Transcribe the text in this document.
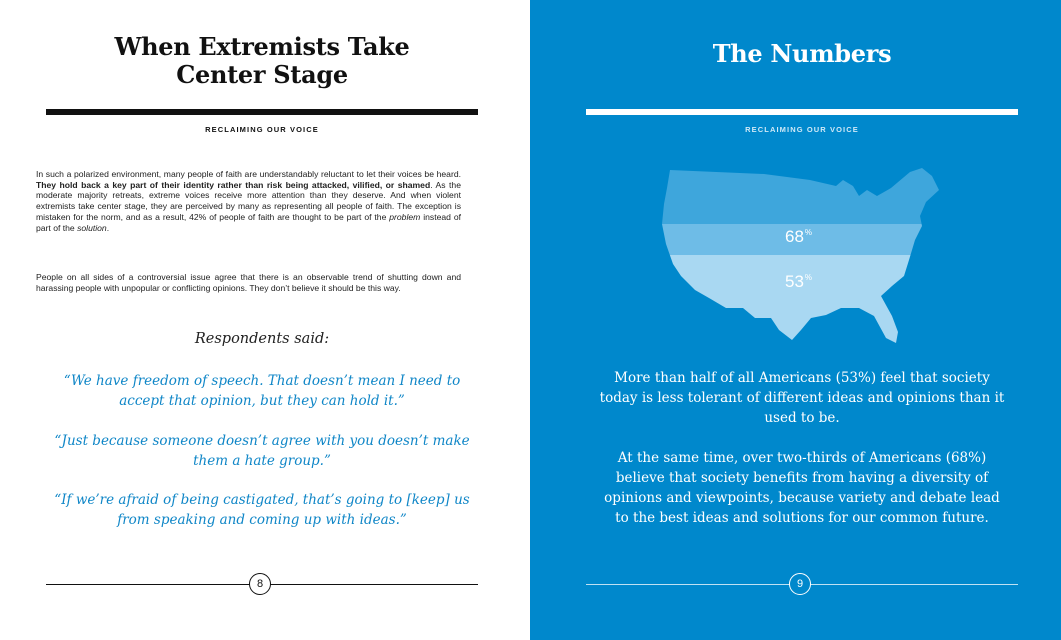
When Extremists Take
Center Stage
RECLAIMING OUR VOICE

In such a polarized environment, many people of faith are understandably reluctant to let their voices be heard. They hold back a key part of their identity rather than risk being attacked, vilified, or shamed. As the moderate majority retreats, extreme voices receive more attention than they deserve. And when violent extremists take center stage, they are perceived by many as representing all people of faith. The exception is mistaken for the norm, and as a result, 42% of people of faith are thought to be part of the problem instead of part of the solution.

People on all sides of a controversial issue agree that there is an observable trend of shutting down and harassing people with unpopular or conflicting opinions. They don’t believe it should be this way.

Respondents said:

“We have freedom of speech. That doesn’t mean I need to accept that opinion, but they can hold it.”

“Just because someone doesn’t agree with you doesn’t make them a hate group.”

“If we’re afraid of being castigated, that’s going to [keep] us from speaking and coming up with ideas.”

8
The Numbers
RECLAIMING OUR VOICE
68%
53%

More than half of all Americans (53%) feel that society today is less tolerant of different ideas and opinions than it used to be.

At the same time, over two-thirds of Americans (68%) believe that society benefits from having a diversity of opinions and viewpoints, because variety and debate lead to the best ideas and solutions for our common future.

9
